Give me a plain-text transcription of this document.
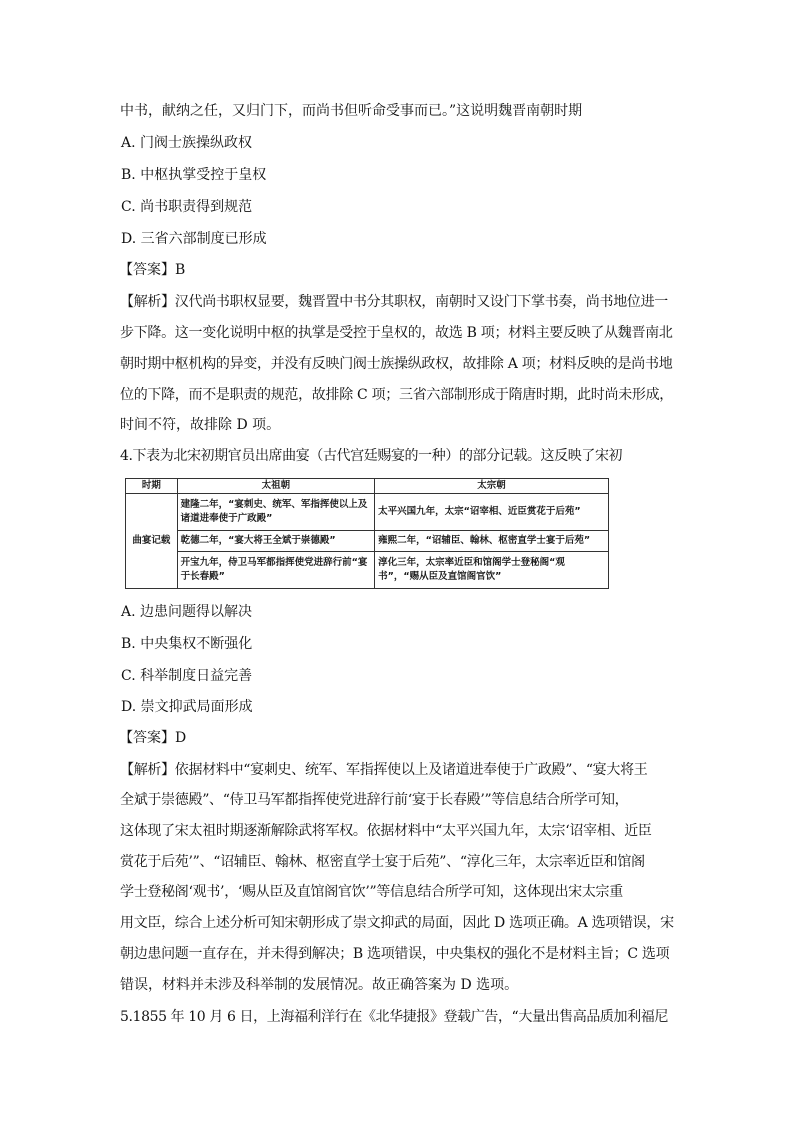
中书，献纳之任，又归门下，而尚书但听命受事而已。”这说明魏晋南朝时期
A. 门阀士族操纵政权
B. 中枢执掌受控于皇权
C. 尚书职责得到规范
D. 三省六部制度已形成
【答案】B
【解析】汉代尚书职权显要，魏晋置中书分其职权，南朝时又设门下掌书奏，尚书地位进一
步下降。这一变化说明中枢的执掌是受控于皇权的，故选 B 项；材料主要反映了从魏晋南北
朝时期中枢机构的异变，并没有反映门阀士族操纵政权，故排除 A 项；材料反映的是尚书地
位的下降，而不是职责的规范，故排除 C 项；三省六部制形成于隋唐时期，此时尚未形成，
时间不符，故排除 D 项。
4.下表为北宋初期官员出席曲宴（古代宫廷赐宴的一种）的部分记载。这反映了宋初
时期	太祖朝	太宗朝
曲宴记载	建隆二年，“宴刺史、统军、军指挥使以上及诸道进奉使于广政殿”	太平兴国九年，太宗“诏宰相、近臣赏花于后苑”
	乾德二年，“宴大将王全斌于崇德殿”	雍熙二年，“诏辅臣、翰林、枢密直学士宴于后苑”
	开宝九年，侍卫马军都指挥使党进辞行前“宴于长春殿”	淳化三年，太宗率近臣和馆阁学士登秘阁“观书”，“赐从臣及直馆阁官饮”
A. 边患问题得以解决
B. 中央集权不断强化
C. 科举制度日益完善
D. 崇文抑武局面形成
【答案】D
【解析】依据材料中“宴刺史、统军、军指挥使以上及诸道进奉使于广政殿”、“宴大将王
全斌于崇德殿”、“侍卫马军都指挥使党进辞行前‘宴于长春殿’”等信息结合所学可知，
这体现了宋太祖时期逐渐解除武将军权。依据材料中“太平兴国九年，太宗‘诏宰相、近臣
赏花于后苑’”、“诏辅臣、翰林、枢密直学士宴于后苑”、“淳化三年，太宗率近臣和馆阁
学士登秘阁‘观书’，‘赐从臣及直馆阁官饮’”等信息结合所学可知，这体现出宋太宗重
用文臣，综合上述分析可知宋朝形成了崇文抑武的局面，因此 D 选项正确。A 选项错误，宋
朝边患问题一直存在，并未得到解决；B 选项错误，中央集权的强化不是材料主旨；C 选项
错误，材料并未涉及科举制的发展情况。故正确答案为 D 选项。
5.1855 年 10 月 6 日，上海福利洋行在《北华捷报》登载广告，“大量出售高品质加利福尼
